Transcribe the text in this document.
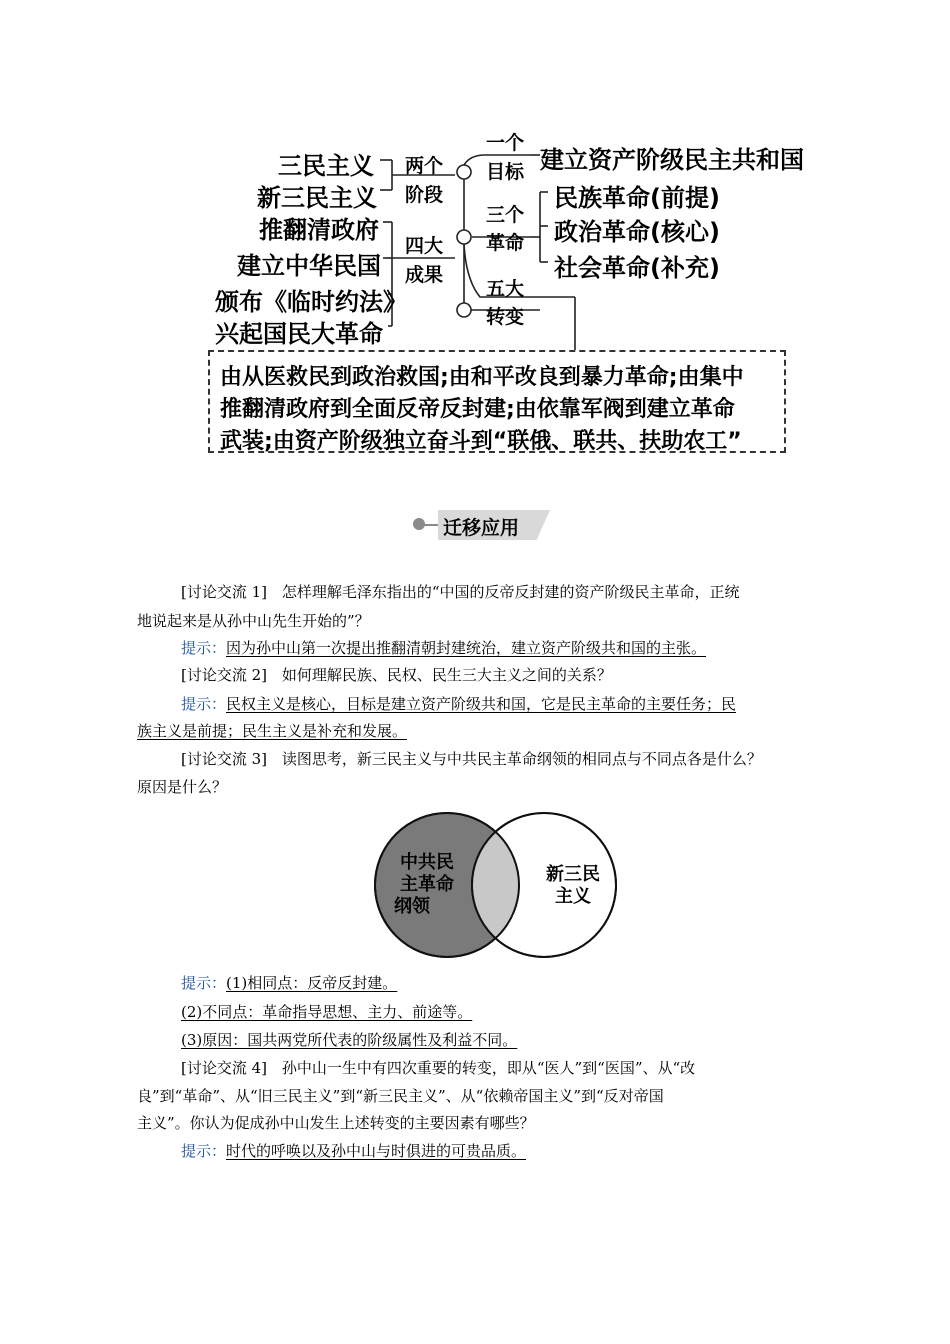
三民主义
新三民主义
推翻清政府
建立中华民国
颁布《临时约法》
兴起国民大革命
两个
阶段
四大
成果
一个
目标 建立资产阶级民主共和国
三个
革命
民族革命(前提)
政治革命(核心)
社会革命(补充)
五大
转变
由从医救民到政治救国;由和平改良到暴力革命;由集中
推翻清政府到全面反帝反封建;由依靠军阀到建立革命
武装;由资产阶级独立奋斗到“联俄、联共、扶助农工”
迁移应用
[讨论交流 1] 怎样理解毛泽东指出的“中国的反帝反封建的资产阶级民主革命，正统
地说起来是从孙中山先生开始的”？
提示：因为孙中山第一次提出推翻清朝封建统治，建立资产阶级共和国的主张。
[讨论交流 2] 如何理解民族、民权、民生三大主义之间的关系？
提示：民权主义是核心，目标是建立资产阶级共和国，它是民主革命的主要任务；民
族主义是前提；民生主义是补充和发展。
[讨论交流 3] 读图思考，新三民主义与中共民主革命纲领的相同点与不同点各是什么？
原因是什么？
中共民
主革命
纲领
新三民
主义
提示：(1)相同点：反帝反封建。
(2)不同点：革命指导思想、主力、前途等。
(3)原因：国共两党所代表的阶级属性及利益不同。
[讨论交流 4] 孙中山一生中有四次重要的转变，即从“医人”到“医国”、从“改
良”到“革命”、从“旧三民主义”到“新三民主义”、从“依赖帝国主义”到“反对帝国
主义”。你认为促成孙中山发生上述转变的主要因素有哪些？
提示：时代的呼唤以及孙中山与时俱进的可贵品质。
